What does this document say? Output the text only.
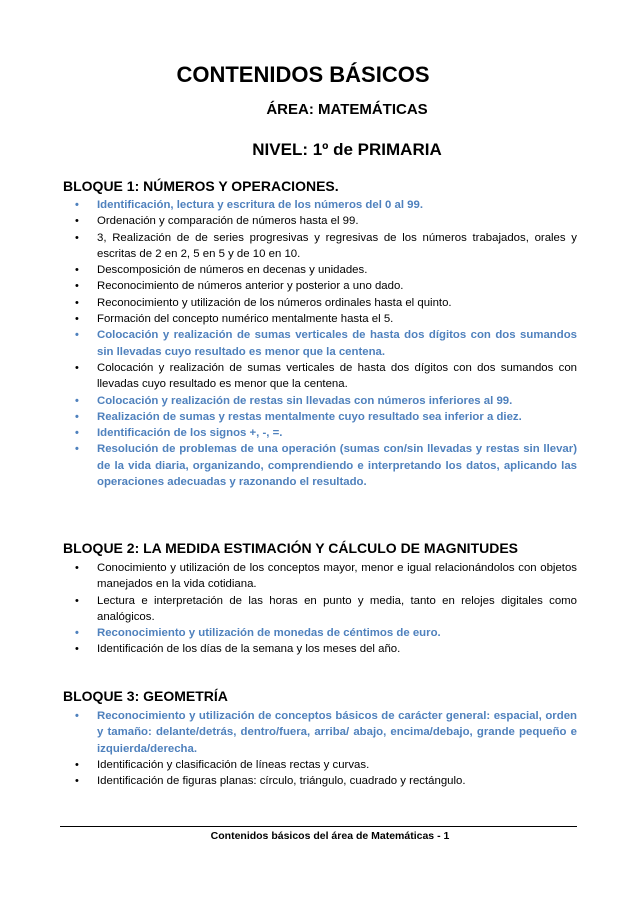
CONTENIDOS BÁSICOS
ÁREA: MATEMÁTICAS
NIVEL: 1º de PRIMARIA
BLOQUE 1: NÚMEROS Y OPERACIONES.
• Identificación, lectura y escritura de los números del 0 al 99.
• Ordenación y comparación de números hasta el 99.
• 3, Realización de de series progresivas y regresivas de los números trabajados, orales y escritas de 2 en 2, 5 en 5 y de 10 en 10.
• Descomposición de números en decenas y unidades.
• Reconocimiento de números anterior y posterior a uno dado.
• Reconocimiento y utilización de los números ordinales hasta el quinto.
• Formación del concepto numérico mentalmente hasta el 5.
• Colocación y realización de sumas verticales de hasta dos dígitos con dos sumandos sin llevadas cuyo resultado es menor que la centena.
• Colocación y realización de sumas verticales de hasta dos dígitos con dos sumandos con llevadas cuyo resultado es menor que la centena.
• Colocación y realización de restas sin llevadas con números inferiores al 99.
• Realización de sumas y restas mentalmente cuyo resultado sea inferior a diez.
• Identificación de los signos +, -, =.
• Resolución de problemas de una operación (sumas con/sin llevadas y restas sin llevar) de la vida diaria, organizando, comprendiendo e interpretando los datos, aplicando las operaciones adecuadas y razonando el resultado.
BLOQUE 2: LA MEDIDA ESTIMACIÓN Y CÁLCULO DE MAGNITUDES
• Conocimiento y utilización de los conceptos mayor, menor e igual relacionándolos con objetos manejados en la vida cotidiana.
• Lectura e interpretación de las horas en punto y media, tanto en relojes digitales como analógicos.
• Reconocimiento y utilización de monedas de céntimos de euro.
• Identificación de los días de la semana y los meses del año.
BLOQUE 3: GEOMETRÍA
• Reconocimiento y utilización de conceptos básicos de carácter general: espacial, orden y tamaño: delante/detrás, dentro/fuera, arriba/ abajo, encima/debajo, grande pequeño e izquierda/derecha.
• Identificación y clasificación de líneas rectas y curvas.
• Identificación de figuras planas: círculo, triángulo, cuadrado y rectángulo.
Contenidos básicos del área de Matemáticas - 1
